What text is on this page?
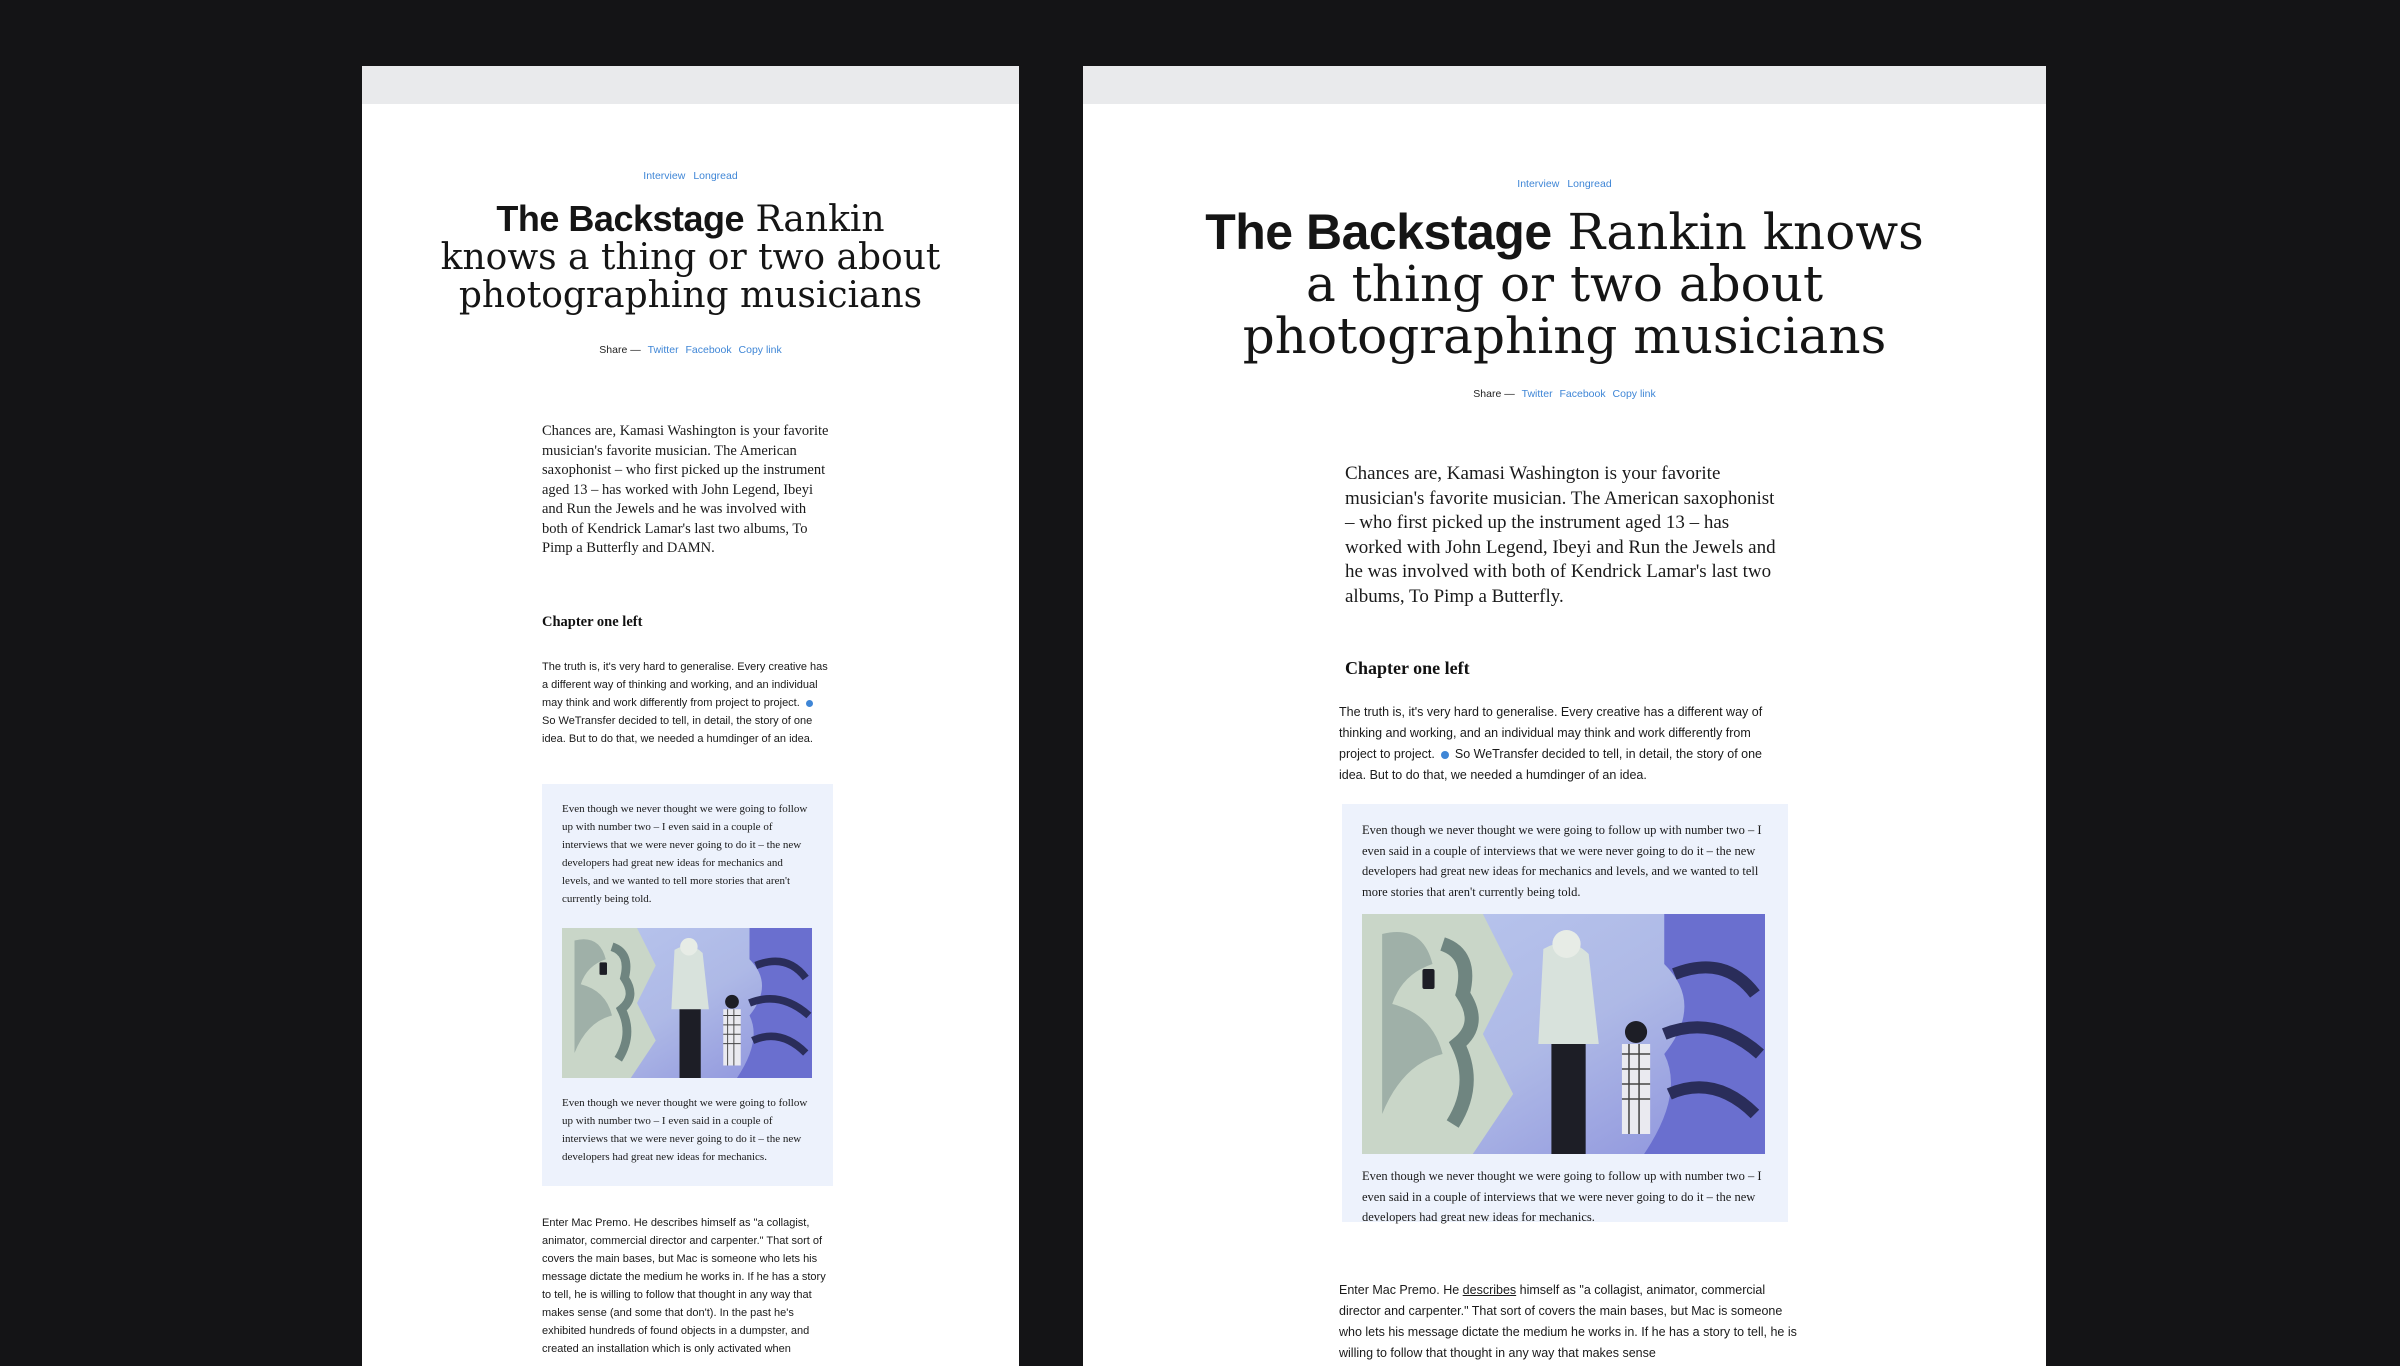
Interview Longread
The Backstage Rankin
knows a thing or two about
photographing musicians
Share — Twitter Facebook Copy link

Chances are, Kamasi Washington is your favorite musician's favorite musician. The American saxophonist – who first picked up the instrument aged 13 – has worked with John Legend, Ibeyi and Run the Jewels and he was involved with both of Kendrick Lamar's last two albums, To Pimp a Butterfly and DAMN.

Chapter one left

The truth is, it's very hard to generalise. Every creative has a different way of thinking and working, and an individual may think and work differently from project to project.So WeTransfer decided to tell, in detail, the story of one idea. But to do that, we needed a humdinger of an idea.

Even though we never thought we were going to follow up with number two – I even said in a couple of interviews that we were never going to do it – the new developers had great new ideas for mechanics and levels, and we wanted to tell more stories that aren't currently being told.

Even though we never thought we were going to follow up with number two – I even said in a couple of interviews that we were never going to do it – the new developers had great new ideas for mechanics.

Enter Mac Premo. He describes himself as "a collagist, animator, commercial director and carpenter." That sort of covers the main bases, but Mac is someone who lets his message dictate the medium he works in. If he has a story to tell, he is willing to follow that thought in any way that makes sense (and some that don't). In the past he's exhibited hundreds of found objects in a dumpster, and created an installation which is only activated when

Interview Longread
The Backstage Rankin knows
a thing or two about
photographing musicians
Share — Twitter Facebook Copy link

Chances are, Kamasi Washington is your favorite musician's favorite musician. The American saxophonist – who first picked up the instrument aged 13 – has worked with John Legend, Ibeyi and Run the Jewels and he was involved with both of Kendrick Lamar's last two albums, To Pimp a Butterfly.

Chapter one left

The truth is, it's very hard to generalise. Every creative has a different way of thinking and working, and an individual may think and work differently from project to project. So WeTransfer decided to tell, in detail, the story of one idea. But to do that, we needed a humdinger of an idea.

Even though we never thought we were going to follow up with number two – I even said in a couple of interviews that we were never going to do it – the new developers had great new ideas for mechanics and levels, and we wanted to tell more stories that aren't currently being told.

Even though we never thought we were going to follow up with number two – I even said in a couple of interviews that we were never going to do it – the new developers had great new ideas for mechanics.

Enter Mac Premo. He describes himself as "a collagist, animator, commercial director and carpenter." That sort of covers the main bases, but Mac is someone who lets his message dictate the medium he works in. If he has a story to tell, he is willing to follow that thought in any way that makes sense
